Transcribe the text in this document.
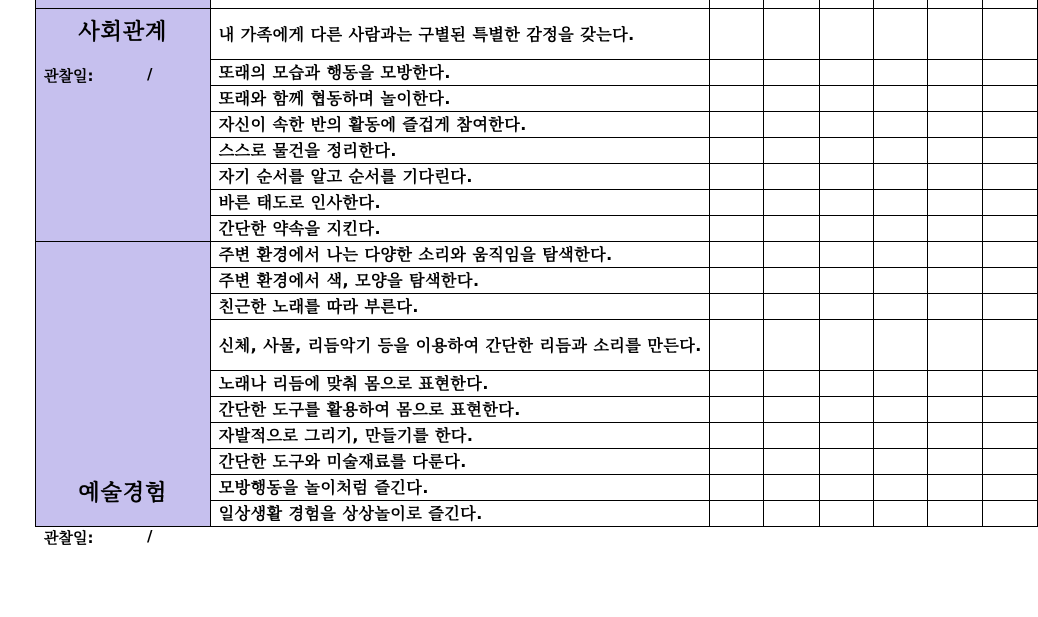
사회관계
관찰일: /	내 가족에게 다른 사람과는 구별된 특별한 감정을 갖는다.						
	또래의 모습과 행동을 모방한다.						
	또래와 함께 협동하며 놀이한다.						
	자신이 속한 반의 활동에 즐겁게 참여한다.						
	스스로 물건을 정리한다.						
	자기 순서를 알고 순서를 기다린다.						
	바른 태도로 인사한다.						
	간단한 약속을 지킨다.						

예술경험
관찰일: /	주변 환경에서 나는 다양한 소리와 움직임을 탐색한다.						
	주변 환경에서 색, 모양을 탐색한다.						
	친근한 노래를 따라 부른다.						
	신체, 사물, 리듬악기 등을 이용하여 간단한 리듬과 소리를 만든다.						
	노래나 리듬에 맞춰 몸으로 표현한다.						
	간단한 도구를 활용하여 몸으로 표현한다.						
	자발적으로 그리기, 만들기를 한다.						
	간단한 도구와 미술재료를 다룬다.						
	모방행동을 놀이처럼 즐긴다.						
	일상생활 경험을 상상놀이로 즐긴다.						
